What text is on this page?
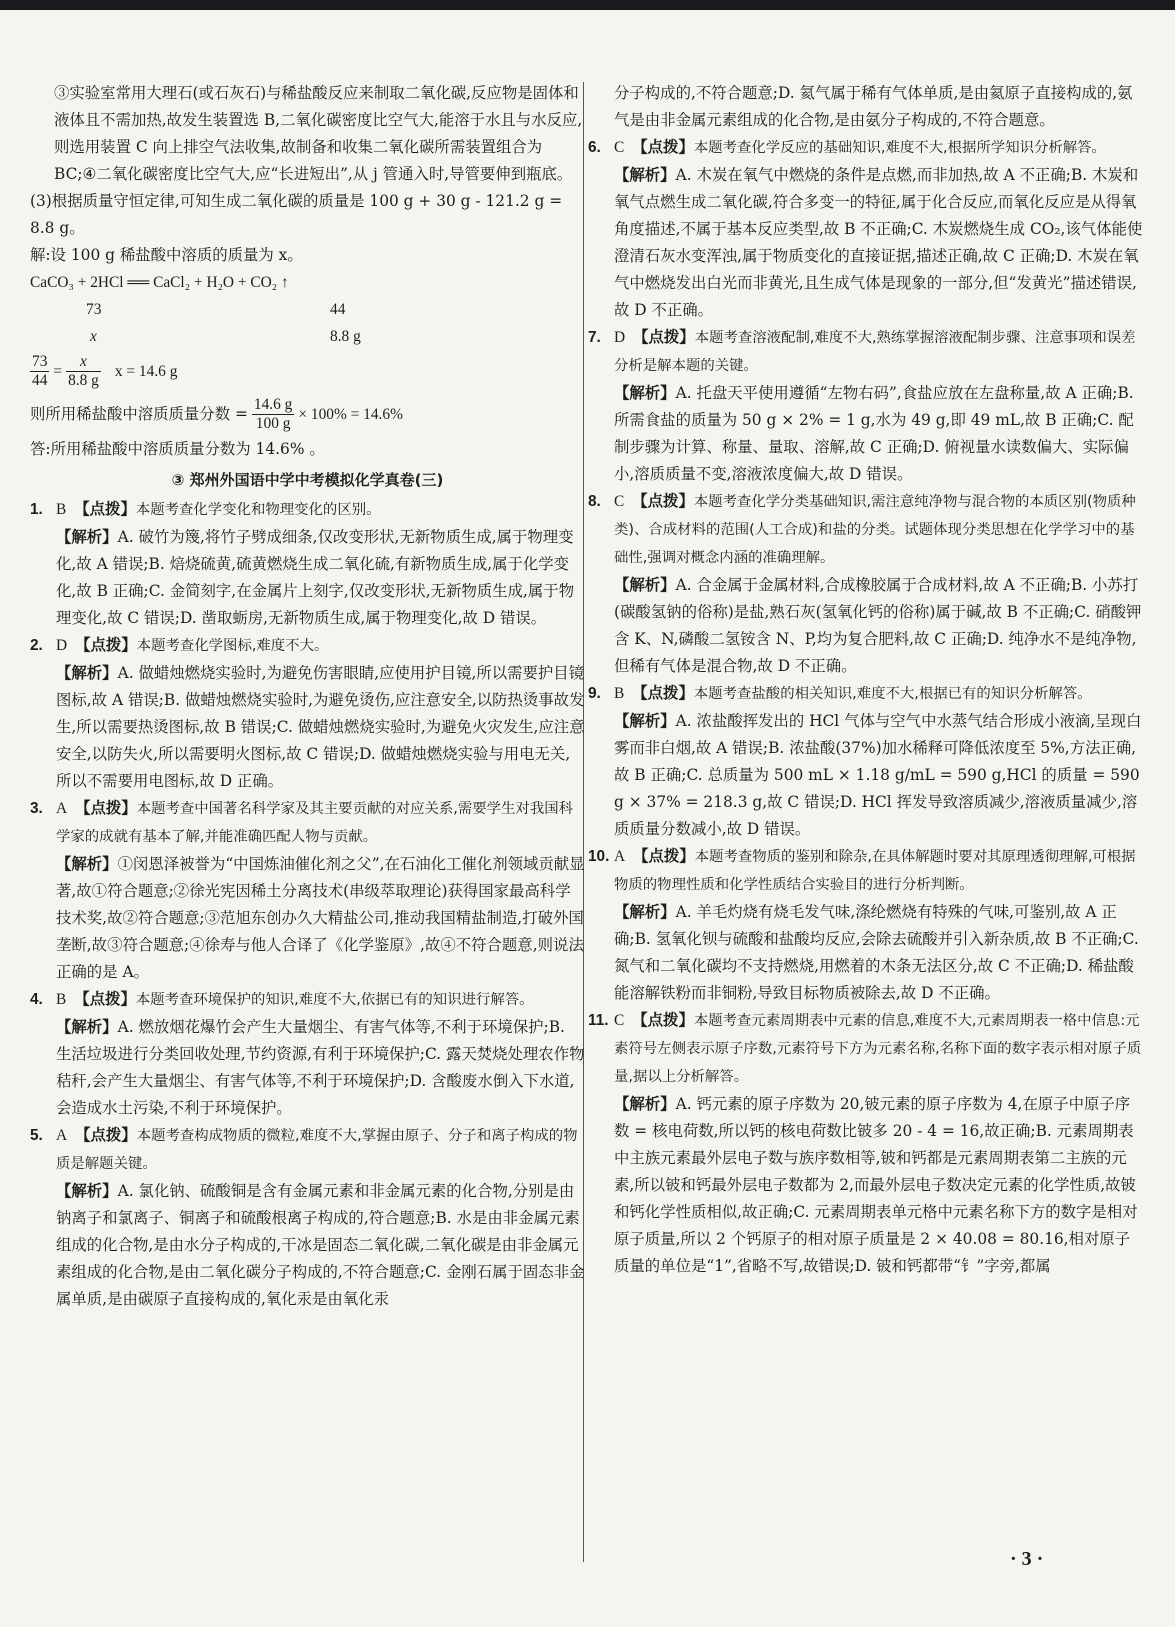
③实验室常用大理石(或石灰石)与稀盐酸反应来制取二氧化碳,反应物是固体和液体且不需加热,故发生装置选 B,二氧化碳密度比空气大,能溶于水且与水反应,则选用装置 C 向上排空气法收集,故制备和收集二氧化碳所需装置组合为 BC;④二氧化碳密度比空气大,应“长进短出”,从 j 管通入时,导管要伸到瓶底。

(3)根据质量守恒定律,可知生成二氧化碳的质量是 100 g + 30 g - 121.2 g = 8.8 g。

解:设 100 g 稀盐酸中溶质的质量为 x。

CaCO₃ + 2HCl ══ CaCl₂ + H₂O + CO₂ ↑

73	44
x	8.8 g
$\frac{73}{44} = \frac{x}{8.8 g}$ x = 14.6 g
则所用稀盐酸中溶质质量分数 = $\frac{14.6 g}{100 g} \times 100\% = 14.6\%$

答:所用稀盐酸中溶质质量分数为 14.6% 。

③ 郑州外国语中学中考模拟化学真卷(三)

1. B 【点拨】本题考查化学变化和物理变化的区别。

【解析】A. 破竹为篾,将竹子劈成细条,仅改变形状,无新物质生成,属于物理变化,故 A 错误;B. 焙烧硫黄,硫黄燃烧生成二氧化硫,有新物质生成,属于化学变化,故 B 正确;C. 金简刻字,在金属片上刻字,仅改变形状,无新物质生成,属于物理变化,故 C 错误;D. 凿取蛎房,无新物质生成,属于物理变化,故 D 错误。

2. D 【点拨】本题考查化学图标,难度不大。

【解析】A. 做蜡烛燃烧实验时,为避免伤害眼睛,应使用护目镜,所以需要护目镜图标,故 A 错误;B. 做蜡烛燃烧实验时,为避免烫伤,应注意安全,以防热烫事故发生,所以需要热烫图标,故 B 错误;C. 做蜡烛燃烧实验时,为避免火灾发生,应注意安全,以防失火,所以需要明火图标,故 C 错误;D. 做蜡烛燃烧实验与用电无关,所以不需要用电图标,故 D 正确。

3. A 【点拨】本题考查中国著名科学家及其主要贡献的对应关系,需要学生对我国科学家的成就有基本了解,并能准确匹配人物与贡献。

【解析】①闵恩泽被誉为“中国炼油催化剂之父”,在石油化工催化剂领域贡献显著,故①符合题意;②徐光宪因稀土分离技术(串级萃取理论)获得国家最高科学技术奖,故②符合题意;③范旭东创办久大精盐公司,推动我国精盐制造,打破外国垄断,故③符合题意;④徐寿与他人合译了《化学鉴原》,故④不符合题意,则说法正确的是 A。

4. B 【点拨】本题考查环境保护的知识,难度不大,依据已有的知识进行解答。

【解析】A. 燃放烟花爆竹会产生大量烟尘、有害气体等,不利于环境保护;B. 生活垃圾进行分类回收处理,节约资源,有利于环境保护;C. 露天焚烧处理农作物秸秆,会产生大量烟尘、有害气体等,不利于环境保护;D. 含酸废水倒入下水道,会造成水土污染,不利于环境保护。

5. A 【点拨】本题考查构成物质的微粒,难度不大,掌握由原子、分子和离子构成的物质是解题关键。

【解析】A. 氯化钠、硫酸铜是含有金属元素和非金属元素的化合物,分别是由钠离子和氯离子、铜离子和硫酸根离子构成的,符合题意;B. 水是由非金属元素组成的化合物,是由水分子构成的,干冰是固态二氧化碳,二氧化碳是由非金属元素组成的化合物,是由二氧化碳分子构成的,不符合题意;C. 金刚石属于固态非金属单质,是由碳原子直接构成的,氧化汞是由氧化汞

分子构成的,不符合题意;D. 氦气属于稀有气体单质,是由氦原子直接构成的,氨气是由非金属元素组成的化合物,是由氨分子构成的,不符合题意。

6. C 【点拨】本题考查化学反应的基础知识,难度不大,根据所学知识分析解答。

【解析】A. 木炭在氧气中燃烧的条件是点燃,而非加热,故 A 不正确;B. 木炭和氧气点燃生成二氧化碳,符合多变一的特征,属于化合反应,而氧化反应是从得氧角度描述,不属于基本反应类型,故 B 不正确;C. 木炭燃烧生成 CO₂,该气体能使澄清石灰水变浑浊,属于物质变化的直接证据,描述正确,故 C 正确;D. 木炭在氧气中燃烧发出白光而非黄光,且生成气体是现象的一部分,但“发黄光”描述错误,故 D 不正确。

7. D 【点拨】本题考查溶液配制,难度不大,熟练掌握溶液配制步骤、注意事项和误差分析是解本题的关键。

【解析】A. 托盘天平使用遵循“左物右码”,食盐应放在左盘称量,故 A 正确;B. 所需食盐的质量为 50 g × 2% = 1 g,水为 49 g,即 49 mL,故 B 正确;C. 配制步骤为计算、称量、量取、溶解,故 C 正确;D. 俯视量水读数偏大、实际偏小,溶质质量不变,溶液浓度偏大,故 D 错误。

8. C 【点拨】本题考查化学分类基础知识,需注意纯净物与混合物的本质区别(物质种类)、合成材料的范围(人工合成)和盐的分类。试题体现分类思想在化学学习中的基础性,强调对概念内涵的准确理解。

【解析】A. 合金属于金属材料,合成橡胶属于合成材料,故 A 不正确;B. 小苏打(碳酸氢钠的俗称)是盐,熟石灰(氢氧化钙的俗称)属于碱,故 B 不正确;C. 硝酸钾含 K、N,磷酸二氢铵含 N、P,均为复合肥料,故 C 正确;D. 纯净水不是纯净物,但稀有气体是混合物,故 D 不正确。

9. B 【点拨】本题考查盐酸的相关知识,难度不大,根据已有的知识分析解答。

【解析】A. 浓盐酸挥发出的 HCl 气体与空气中水蒸气结合形成小液滴,呈现白雾而非白烟,故 A 错误;B. 浓盐酸(37%)加水稀释可降低浓度至 5%,方法正确,故 B 正确;C. 总质量为 500 mL × 1.18 g/mL = 590 g,HCl 的质量 = 590 g × 37% = 218.3 g,故 C 错误;D. HCl 挥发导致溶质减少,溶液质量减少,溶质质量分数减小,故 D 错误。

10. A 【点拨】本题考查物质的鉴别和除杂,在具体解题时要对其原理透彻理解,可根据物质的物理性质和化学性质结合实验目的进行分析判断。

【解析】A. 羊毛灼烧有烧毛发气味,涤纶燃烧有特殊的气味,可鉴别,故 A 正确;B. 氢氧化钡与硫酸和盐酸均反应,会除去硫酸并引入新杂质,故 B 不正确;C. 氮气和二氧化碳均不支持燃烧,用燃着的木条无法区分,故 C 不正确;D. 稀盐酸能溶解铁粉而非铜粉,导致目标物质被除去,故 D 不正确。

11. C 【点拨】本题考查元素周期表中元素的信息,难度不大,元素周期表一格中信息:元素符号左侧表示原子序数,元素符号下方为元素名称,名称下面的数字表示相对原子质量,据以上分析解答。

【解析】A. 钙元素的原子序数为 20,铍元素的原子序数为 4,在原子中原子序数 = 核电荷数,所以钙的核电荷数比铍多 20 - 4 = 16,故正确;B. 元素周期表中主族元素最外层电子数与族序数相等,铍和钙都是元素周期表第二主族的元素,所以铍和钙最外层电子数都为 2,而最外层电子数决定元素的化学性质,故铍和钙化学性质相似,故正确;C. 元素周期表单元格中元素名称下方的数字是相对原子质量,所以 2 个钙原子的相对原子质量是 2 × 40.08 = 80.16,相对原子质量的单位是“1”,省略不写,故错误;D. 铍和钙都带“钅”字旁,都属

· 3 ·
